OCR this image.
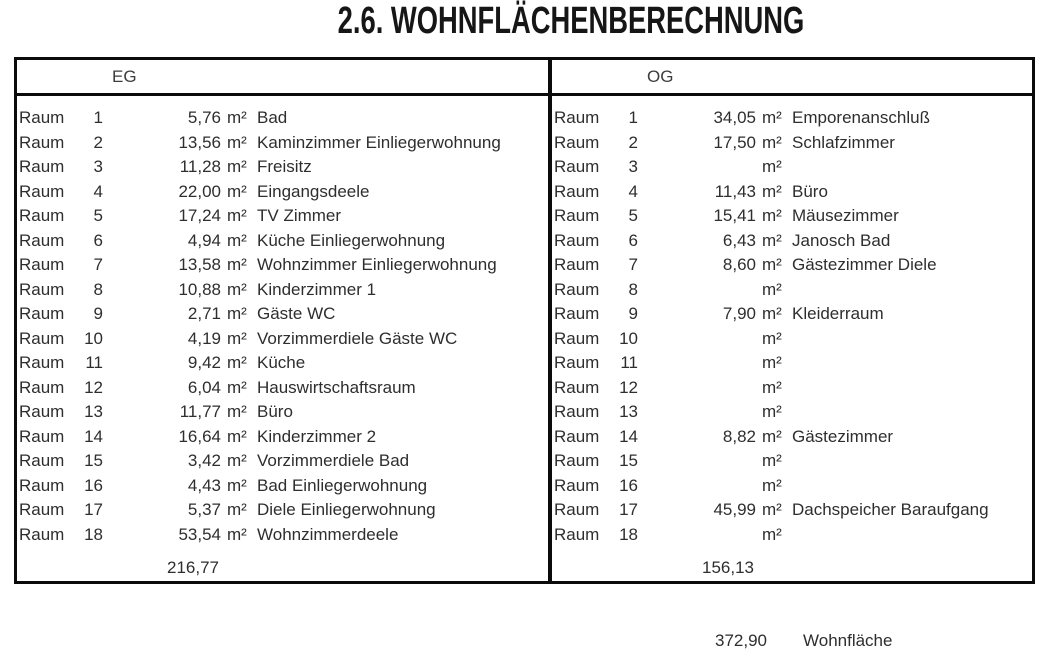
2.6. WOHNFLÄCHENBERECHNUNG
EG
Raum	1	5,76 m² Bad
Raum	2	13,56 m² Kaminzimmer Einliegerwohnung
Raum	3	11,28 m² Freisitz
Raum	4	22,00 m² Eingangsdeele
Raum	5	17,24 m² TV Zimmer
Raum	6	4,94 m² Küche Einliegerwohnung
Raum	7	13,58 m² Wohnzimmer Einliegerwohnung
Raum	8	10,88 m² Kinderzimmer 1
Raum	9	2,71 m² Gäste WC
Raum	10	4,19 m² Vorzimmerdiele Gäste WC
Raum	11	9,42 m² Küche
Raum	12	6,04 m² Hauswirtschaftsraum
Raum	13	11,77 m² Büro
Raum	14	16,64 m² Kinderzimmer 2
Raum	15	3,42 m² Vorzimmerdiele Bad
Raum	16	4,43 m² Bad Einliegerwohnung
Raum	17	5,37 m² Diele Einliegerwohnung
Raum	18	53,54 m² Wohnzimmerdeele
216,77
OG
Raum	1	34,05 m² Emporenanschluß
Raum	2	17,50 m² Schlafzimmer
Raum	3	m²
Raum	4	11,43 m² Büro
Raum	5	15,41 m² Mäusezimmer
Raum	6	6,43 m² Janosch Bad
Raum	7	8,60 m² Gästezimmer Diele
Raum	8	m²
Raum	9	7,90 m² Kleiderraum
Raum	10	m²
Raum	11	m²
Raum	12	m²
Raum	13	m²
Raum	14	8,82 m² Gästezimmer
Raum	15	m²
Raum	16	m²
Raum	17	45,99 m² Dachspeicher Baraufgang
Raum	18	m²
156,13
372,90 Wohnfläche
